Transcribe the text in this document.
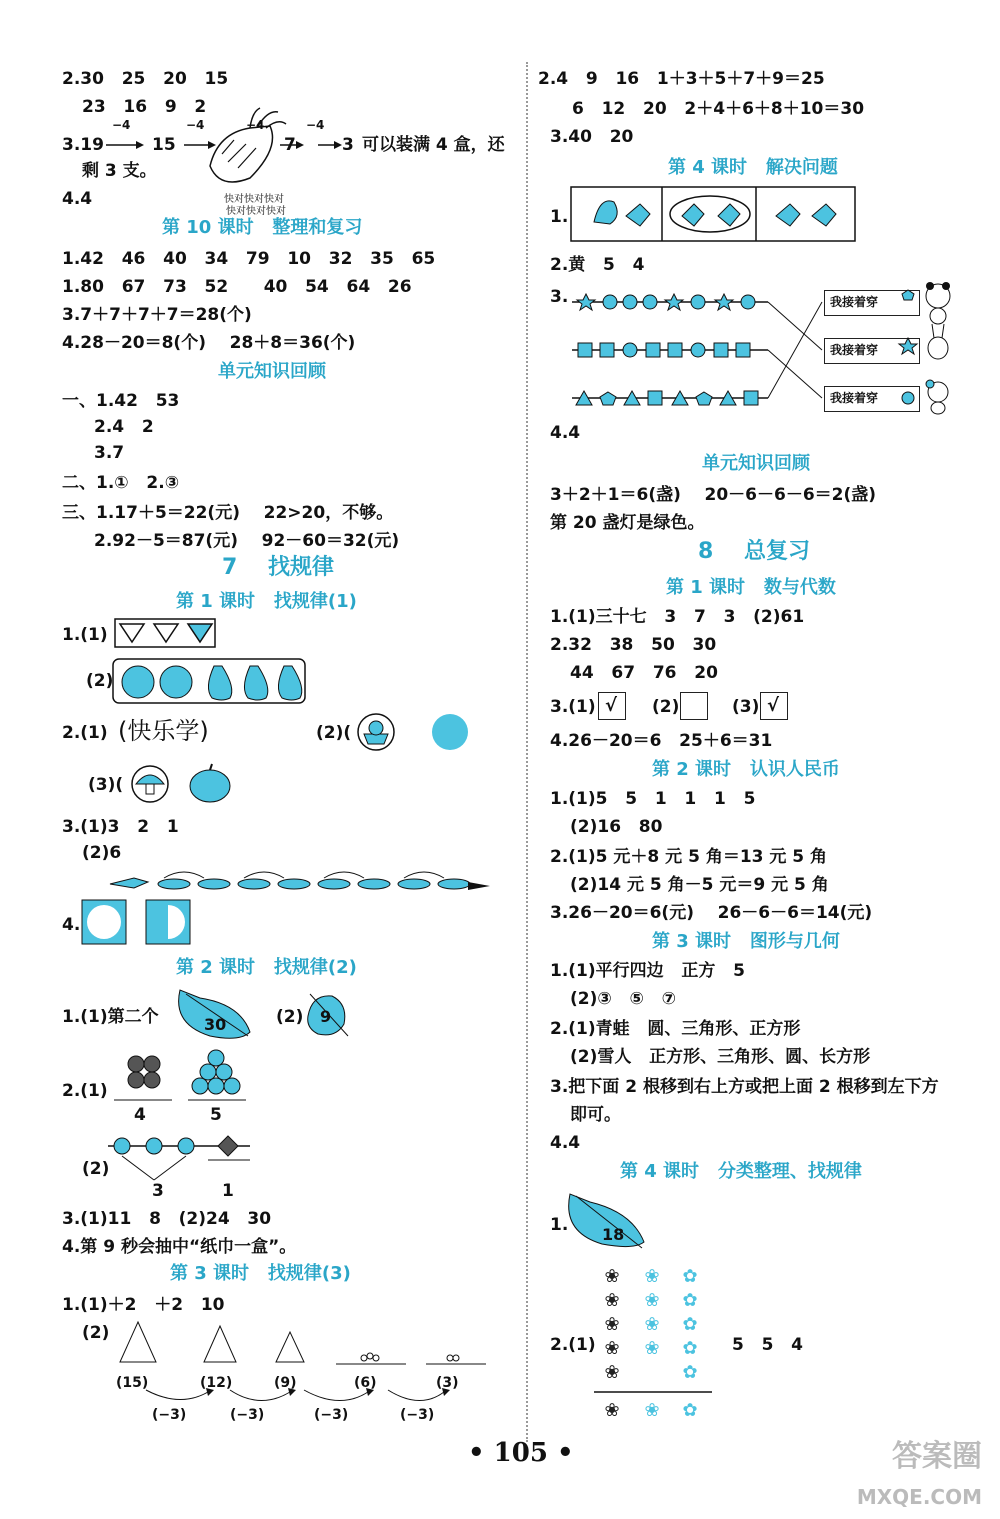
2.30   25   20   15
23   16   9   2
3.19
−4	−4	−4	−4
15	7	3 可以装满 4 盒，还
剩 3 支。
快对快对快对
快对快对快对
4.4
第 10 课时   整理和复习
1.42   46   40   34   79   10   32   35   65
1.80   67   73   52      40   54   64   26
3.7＋7＋7＋7＝28(个)
4.28－20＝8(个)    28＋8＝36(个)
单元知识回顾
一、1.42   53
2.4   2
3.7
二、1.①   2.③
三、1.17＋5＝22(元)    22>20，不够。
2.92－5＝87(元)    92－60＝32(元)
7    找规律
第 1 课时   找规律(1)
1.(1)
(2)
2.(1) (快乐学)	(2)(
(3)(
3.(1)3   2   1
(2)6
4.
第 2 课时   找规律(2)
1.(1)第二个	30	(2) 9
2.(1)
4	5
(2)
3	1
3.(1)11   8   (2)24   30
4.第 9 秒会抽中“纸巾一盒”。
第 3 课时   找规律(3)
1.(1)＋2   ＋2   10
(2)
(15)	(12)	(9)	(6)	(3)
(−3)	(−3)	(−3)	(−3)
2.4   9   16   1＋3＋5＋7＋9＝25
6   12   20   2＋4＋6＋8＋10＝30
3.40   20
第 4 课时   解决问题
1.
2.黄   5   4
3.	我接着穿
我接着穿
我接着穿
4.4
单元知识回顾
3＋2＋1＝6(盏)    20－6－6－6＝2(盏)
第 20 盏灯是绿色。
8    总复习
第 1 课时   数与代数
1.(1)三十七   3   7   3   (2)61
2.32   38   50   30
44   67   76   20
3.(1) √ (2)	(3) √
4.26－20＝6   25＋6＝31
第 2 课时   认识人民币
1.(1)5   5   1   1   1   5
(2)16   80
2.(1)5 元＋8 元 5 角＝13 元 5 角
(2)14 元 5 角－5 元＝9 元 5 角
3.26－20＝6(元)    26－6－6＝14(元)
第 3 课时   图形与几何
1.(1)平行四边   正方   5
(2)③   ⑤   ⑦
2.(1)青蛙   圆、三角形、正方形
(2)雪人   正方形、三角形、圆、长方形
3.把下面 2 根移到右上方或把上面 2 根移到左下方
即可。
4.4
第 4 课时   分类整理、找规律
1. 18
❀ ❀ ✿
❀ ❀ ✿
❀ ❀ ✿
❀ ❀ ✿
❀	✿
❀ ❀ ✿
2.(1)	5   5   4
• 105 •	答案圈
MXQE.COM
